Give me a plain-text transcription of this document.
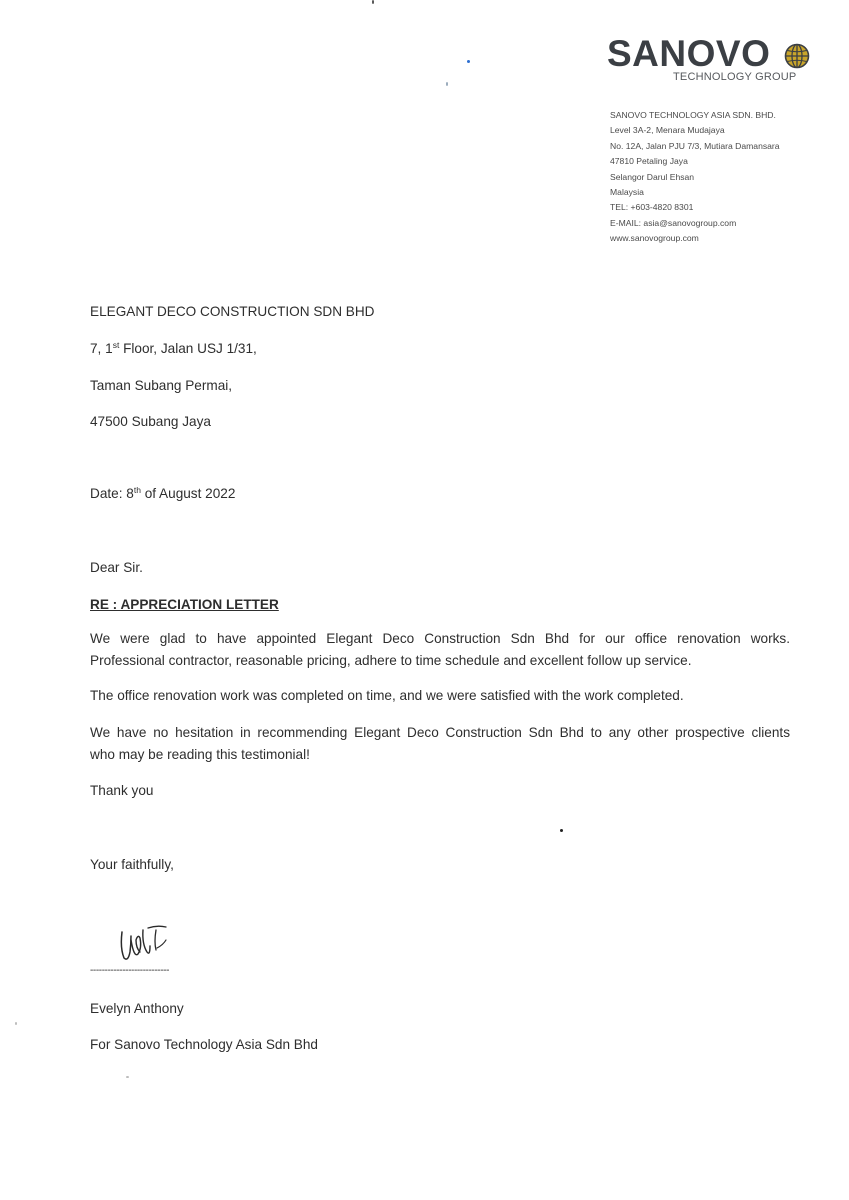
SANOVO
TECHNOLOGY GROUP
SANOVO TECHNOLOGY ASIA SDN. BHD.
Level 3A-2, Menara Mudajaya
No. 12A, Jalan PJU 7/3, Mutiara Damansara
47810 Petaling Jaya
Selangor Darul Ehsan
Malaysia
TEL: +603-4820 8301
E-MAIL: asia@sanovogroup.com
www.sanovogroup.com
ELEGANT DECO CONSTRUCTION SDN BHD
7, 1st Floor, Jalan USJ 1/31,
Taman Subang Permai,
47500 Subang Jaya
Date: 8th of August 2022
Dear Sir.
RE : APPRECIATION LETTER
We were glad to have appointed Elegant Deco Construction Sdn Bhd for our office renovation works.
Professional contractor, reasonable pricing, adhere to time schedule and excellent follow up service.
The office renovation work was completed on time, and we were satisfied with the work completed.
We have no hesitation in recommending Elegant Deco Construction Sdn Bhd to any other prospective clients
who may be reading this testimonial!
Thank you
Your faithfully,
---------------------------
Evelyn Anthony
For Sanovo Technology Asia Sdn Bhd
